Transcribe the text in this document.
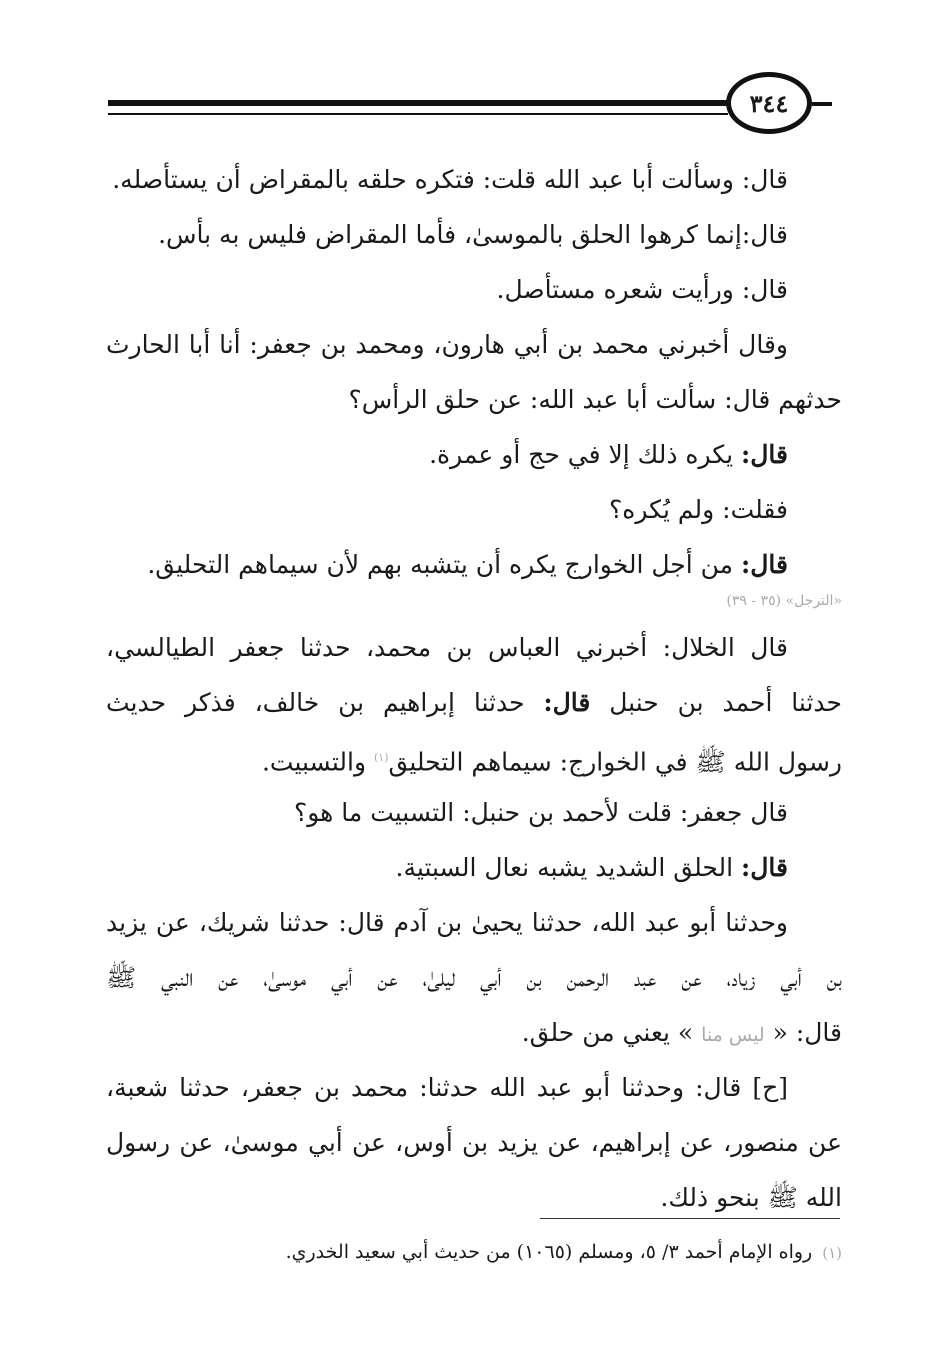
٣٤٤
قال: وسألت أبا عبد الله قلت: فتكره حلقه بالمقراض أن يستأصله.
قال:إنما كرهوا الحلق بالموسىٰ، فأما المقراض فليس به بأس.
قال: ورأيت شعره مستأصل.
وقال أخبرني محمد بن أبي هارون، ومحمد بن جعفر: أنا أبا الحارث
حدثهم قال: سألت أبا عبد الله: عن حلق الرأس؟
قال: يكره ذلك إلا في حج أو عمرة.
فقلت: ولم يُكره؟
قال: من أجل الخوارج يكره أن يتشبه بهم لأن سيماهم التحليق.
«الترجل» (٣٥ - ٣٩)
قال الخلال: أخبرني العباس بن محمد، حدثنا جعفر الطيالسي،
حدثنا أحمد بن حنبل قال: حدثنا إبراهيم بن خالف، فذكر حديث
رسول الله ﷺ في الخوارج: سيماهم التحليق$^{(١)}$ والتسبيت.
قال جعفر: قلت لأحمد بن حنبل: التسبيت ما هو؟
قال: الحلق الشديد يشبه نعال السبتية.
وحدثنا أبو عبد الله، حدثنا يحيىٰ بن آدم قال: حدثنا شريك، عن يزيد
بن أبي زياد، عن عبد الرحمن بن أبي ليلىٰ، عن أبي موسىٰ، عن النبي ﷺ
قال: « ليس منا » يعني من حلق.
[ح] قال: وحدثنا أبو عبد الله حدثنا: محمد بن جعفر، حدثنا شعبة،
عن منصور، عن إبراهيم، عن يزيد بن أوس، عن أبي موسىٰ، عن رسول
الله ﷺ بنحو ذلك.
(١)رواه الإمام أحمد ٣/ ٥، ومسلم (١٠٦٥) من حديث أبي سعيد الخدري.
